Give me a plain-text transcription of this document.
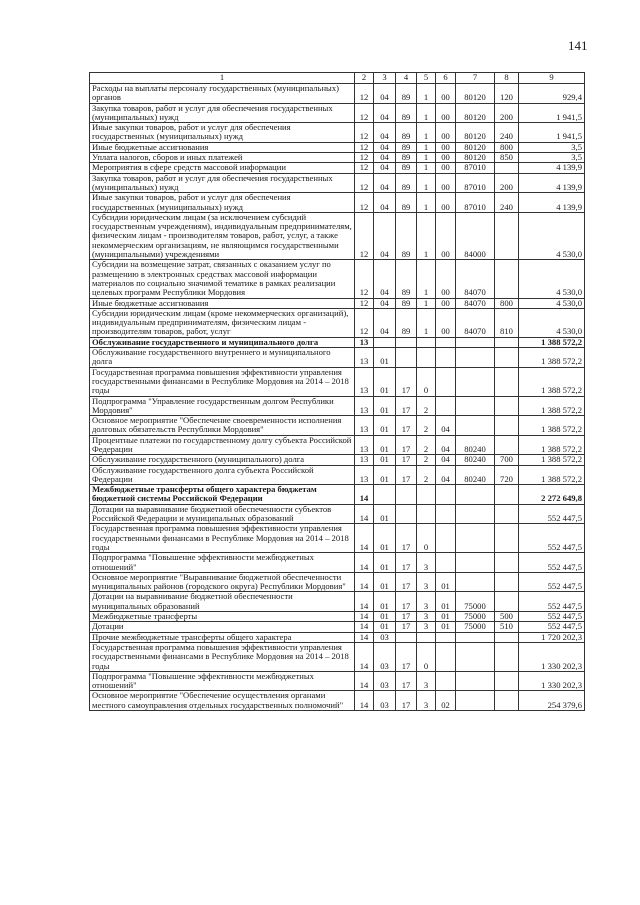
141
1	2	3	4	5	6	7	8	9
Расходы на выплаты персоналу государственных (муниципальных) органов	12	04	89	1	00	80120	120	929,4
Закупка товаров, работ и услуг для обеспечения государственных (муниципальных) нужд	12	04	89	1	00	80120	200	1 941,5
Иные закупки товаров, работ и услуг для обеспечения государственных (муниципальных) нужд	12	04	89	1	00	80120	240	1 941,5
Иные бюджетные ассигнования	12	04	89	1	00	80120	800	3,5
Уплата налогов, сборов и иных платежей	12	04	89	1	00	80120	850	3,5
Мероприятия в сфере средств массовой информации	12	04	89	1	00	87010		4 139,9
Закупка товаров, работ и услуг для обеспечения государственных (муниципальных) нужд	12	04	89	1	00	87010	200	4 139,9
Иные закупки товаров, работ и услуг для обеспечения государственных (муниципальных) нужд	12	04	89	1	00	87010	240	4 139,9
Субсидии юридическим лицам (за исключением субсидий государственным учреждениям), индивидуальным предпринимателям, физическим лицам - производителям товаров, работ, услуг, а также некоммерческим организациям, не являющимся государственными (муниципальными) учреждениями	12	04	89	1	00	84000		4 530,0
Субсидии на возмещение затрат, связанных с оказанием услуг по размещению в электронных средствах массовой информации материалов по социально значимой тематике в рамках реализации целевых программ Республики Мордовия	12	04	89	1	00	84070		4 530,0
Иные бюджетные ассигнования	12	04	89	1	00	84070	800	4 530,0
Субсидии юридическим лицам (кроме некоммерческих организаций), индивидуальным предпринимателям, физическим лицам - производителям товаров, работ, услуг	12	04	89	1	00	84070	810	4 530,0
Обслуживание государственного и муниципального долга	13							1 388 572,2
Обслуживание государственного внутреннего и муниципального долга	13	01						1 388 572,2
Государственная программа повышения эффективности управления государственными финансами в Республике Мордовия на 2014 – 2018 годы	13	01	17	0				1 388 572,2
Подпрограмма "Управление государственным долгом Республики Мордовия"	13	01	17	2				1 388 572,2
Основное мероприятие "Обеспечение своевременности исполнения долговых обязательств Республики Мордовия"	13	01	17	2	04			1 388 572,2
Процентные платежи по государственному долгу субъекта Российской Федерации	13	01	17	2	04	80240		1 388 572,2
Обслуживание государственного (муниципального) долга	13	01	17	2	04	80240	700	1 388 572,2
Обслуживание государственного долга субъекта Российской Федерации	13	01	17	2	04	80240	720	1 388 572,2
Межбюджетные трансферты общего характера бюджетам бюджетной системы Российской Федерации	14							2 272 649,8
Дотации на выравнивание бюджетной обеспеченности субъектов Российской Федерации и муниципальных образований	14	01						552 447,5
Государственная программа повышения эффективности управления государственными финансами в Республике Мордовия на 2014 – 2018 годы	14	01	17	0				552 447,5
Подпрограмма "Повышение эффективности межбюджетных отношений"	14	01	17	3				552 447,5
Основное мероприятие "Выравнивание бюджетной обеспеченности муниципальных районов (городского округа) Республики Мордовия"	14	01	17	3	01			552 447,5
Дотации на выравнивание бюджетной обеспеченности муниципальных образований	14	01	17	3	01	75000		552 447,5
Межбюджетные трансферты	14	01	17	3	01	75000	500	552 447,5
Дотации	14	01	17	3	01	75000	510	552 447,5
Прочие межбюджетные трансферты общего характера	14	03						1 720 202,3
Государственная программа повышения эффективности управления государственными финансами в Республике Мордовия на 2014 – 2018 годы	14	03	17	0				1 330 202,3
Подпрограмма "Повышение эффективности межбюджетных отношений"	14	03	17	3				1 330 202,3
Основное мероприятие "Обеспечение осуществления органами местного самоуправления отдельных государственных полномочий"	14	03	17	3	02			254 379,6
